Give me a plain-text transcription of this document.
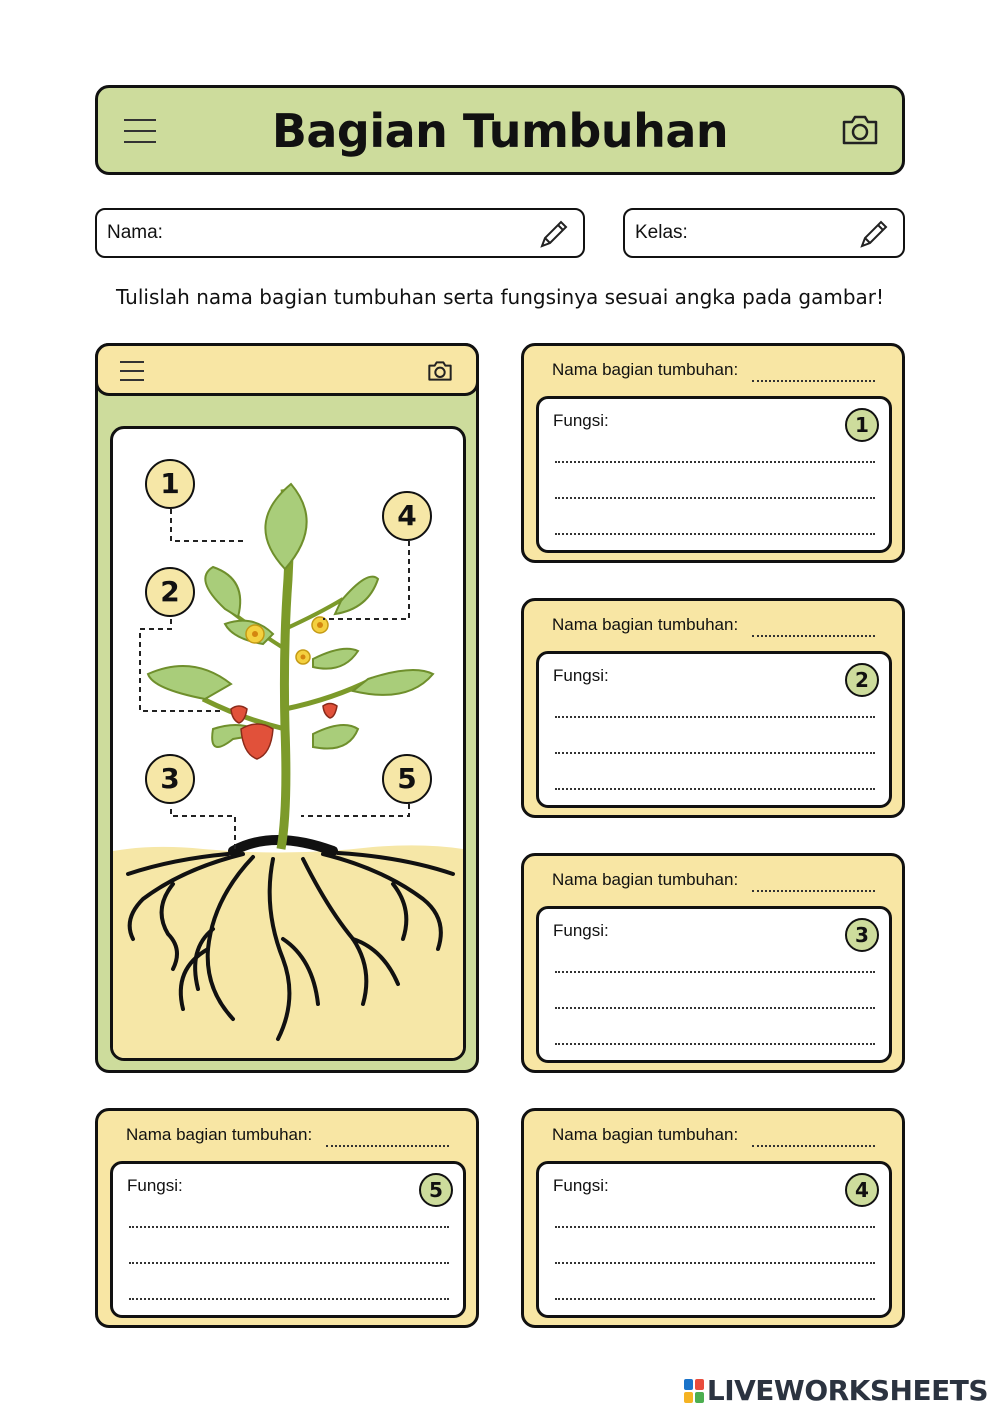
Bagian Tumbuhan
Nama:	Kelas:
Tulislah nama bagian tumbuhan serta fungsinya sesuai angka pada gambar!
1
2
3
4
5
Nama bagian tumbuhan:
Fungsi:	1
Nama bagian tumbuhan:
Fungsi:	2
Nama bagian tumbuhan:
Fungsi:	3
Nama bagian tumbuhan:
Fungsi:	5
Nama bagian tumbuhan:
Fungsi:	4
LIVEWORKSHEETS
